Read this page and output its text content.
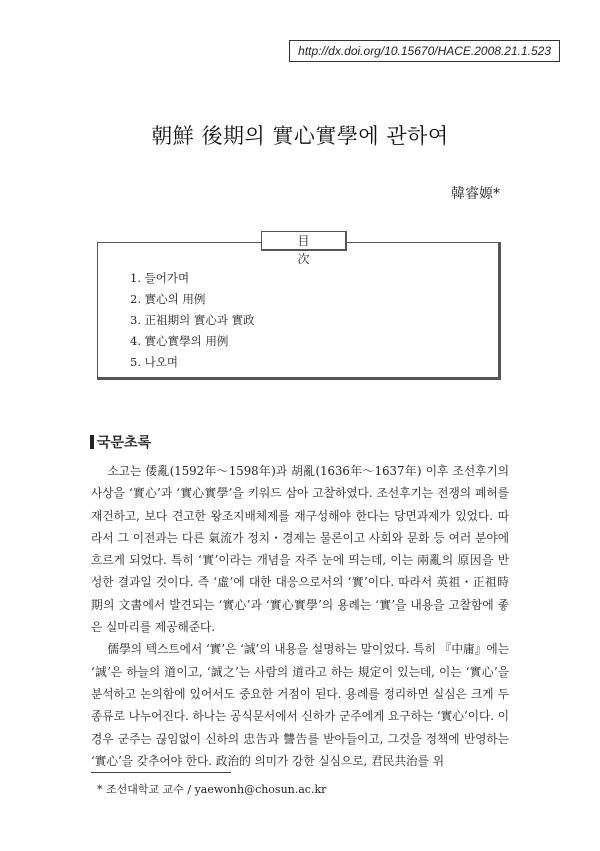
http://dx.doi.org/10.15670/HACE.2008.21.1.523
朝鮮 後期의 實心實學에 관하여
韓睿嫄*
目 次
1. 들어가며
2. 實心의 用例
3. 正祖期의 實心과 實政
4. 實心實學의 用例
5. 나오며
국문초록

소고는 倭亂(1592年～1598年)과 胡亂(1636年～1637年) 이후 조선후기의 사상을 ‘實心’과 ‘實心實學’을 키워드 삼아 고찰하였다. 조선후기는 전쟁의 폐허를 재건하고, 보다 견고한 왕조지배체제를 재구성해야 한다는 당면과제가 있었다. 따라서 그 이전과는 다른 氣流가 정치・경제는 물론이고 사회와 문화 등 여러 분야에 흐르게 되었다. 특히 ‘實’이라는 개념을 자주 눈에 띄는데, 이는 兩亂의 原因을 반성한 결과일 것이다. 즉 ‘虛’에 대한 대응으로서의 ‘實’이다. 따라서 英祖・正祖時期의 文書에서 발견되는 ‘實心’과 ‘實心實學’의 용례는 ‘實’을 내용을 고찰함에 좋은 실마리를 제공해준다.

儒學의 텍스트에서 ‘實’은 ‘誠’의 내용을 설명하는 말이었다. 특히 『中庸』에는 ‘誠’은 하늘의 道이고, ‘誠之’는 사람의 道라고 하는 規定이 있는데, 이는 ‘實心’을 분석하고 논의함에 있어서도 중요한 거점이 된다. 용례를 정리하면 실심은 크게 두 종류로 나누어진다. 하나는 공식문서에서 신하가 군주에게 요구하는 ‘實心’이다. 이 경우 군주는 끊임없이 신하의 忠告과 讐告를 받아들이고, 그것을 정책에 반영하는 ‘實心’을 갖추어야 한다. 政治的 의미가 강한 실심으로, 君民共治를 위

* 조선대학교 교수 / yaewonh@chosun.ac.kr
